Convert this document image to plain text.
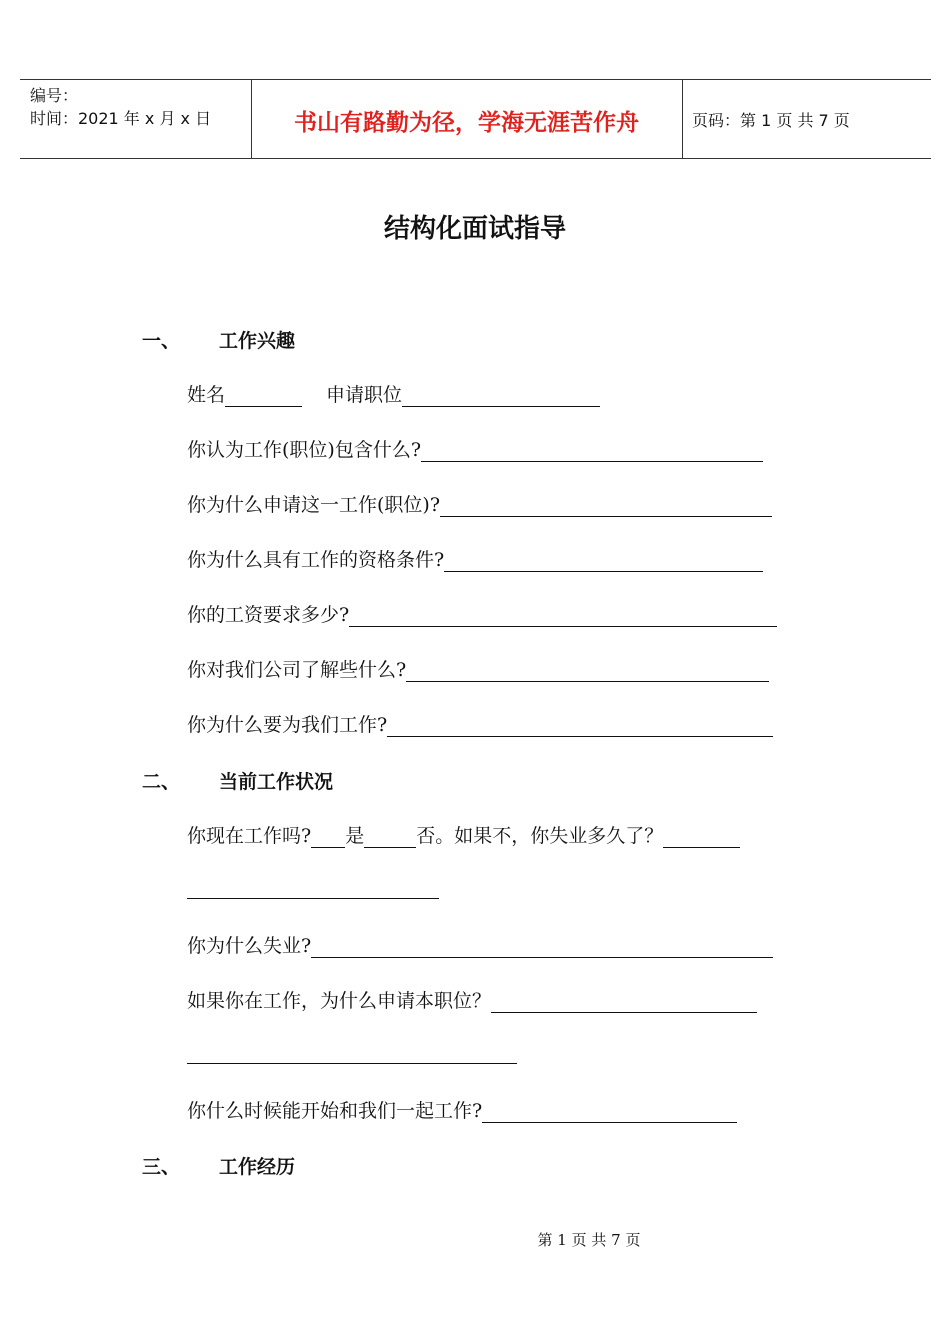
编号：
时间：2021 年 x 月 x 日	书山有路勤为径，学海无涯苦作舟	页码：第 1 页 共 7 页
结构化面试指导
一、 工作兴趣
姓名	申请职位
你认为工作(职位)包含什么?
你为什么申请这一工作(职位)?
你为什么具有工作的资格条件?
你的工资要求多少?
你对我们公司了解些什么?
你为什么要为我们工作?
二、 当前工作状况
你现在工作吗? 是	否。如果不，你失业多久了？
你为什么失业?
如果你在工作，为什么申请本职位？
你什么时候能开始和我们一起工作?
三、 工作经历
第 1 页 共 7 页
